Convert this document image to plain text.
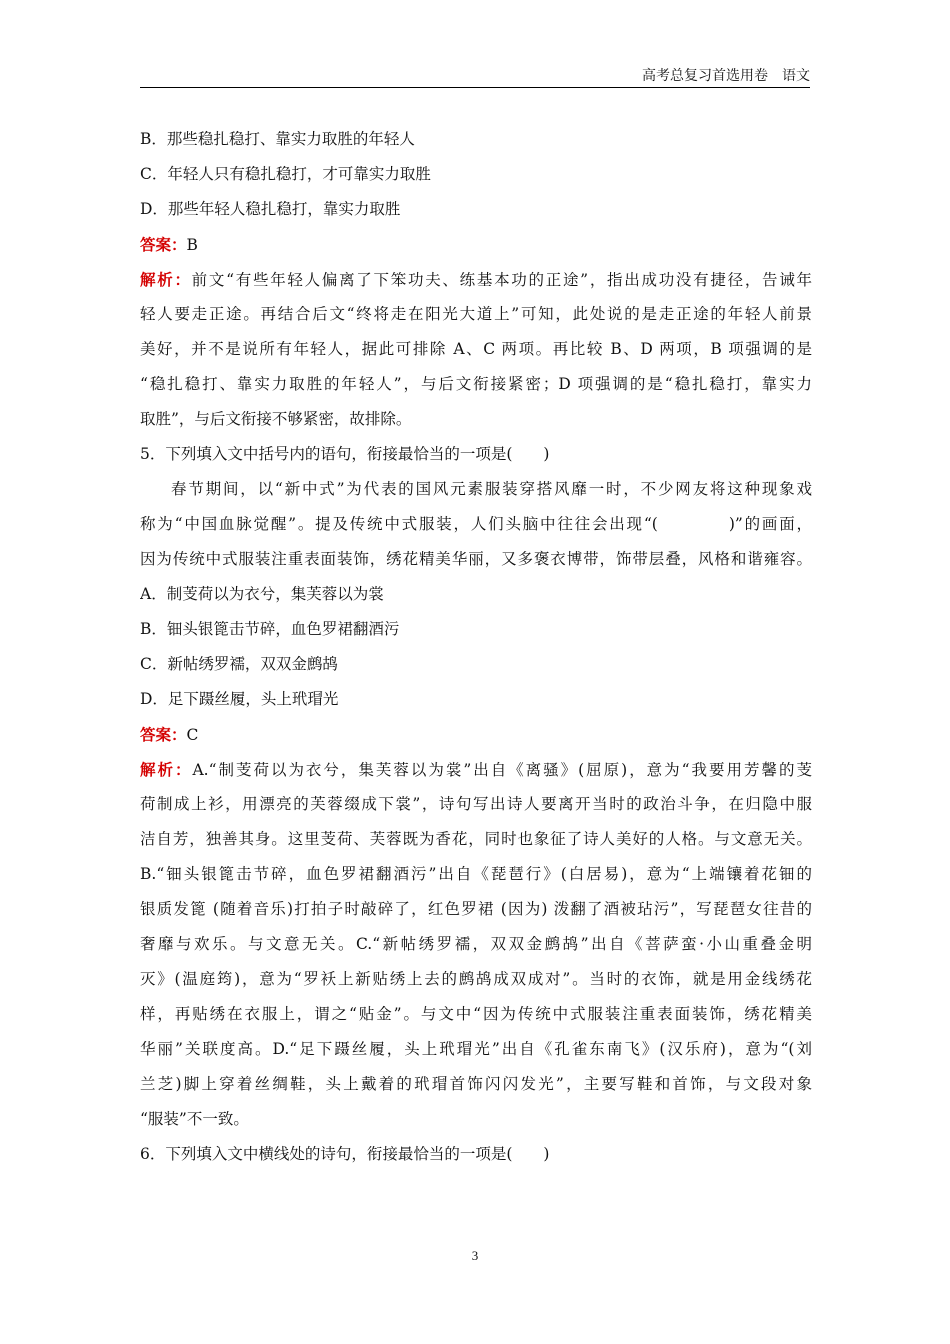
高考总复习首选用卷　语文
B．那些稳扎稳打、靠实力取胜的年轻人
C．年轻人只有稳扎稳打，才可靠实力取胜
D．那些年轻人稳扎稳打，靠实力取胜
答案：B
解析：前文“有些年轻人偏离了下笨功夫、练基本功的正途”，指出成功没有捷径，告诫年
轻人要走正途。再结合后文“终将走在阳光大道上”可知，此处说的是走正途的年轻人前景
美好，并不是说所有年轻人，据此可排除 A、C 两项。再比较 B、D 两项，B 项强调的是
“稳扎稳打、靠实力取胜的年轻人”，与后文衔接紧密；D 项强调的是“稳扎稳打，靠实力
取胜”，与后文衔接不够紧密，故排除。
5．下列填入文中括号内的语句，衔接最恰当的一项是(　　)
春节期间，以“新中式”为代表的国风元素服装穿搭风靡一时，不少网友将这种现象戏
称为“中国血脉觉醒”。提及传统中式服装，人们头脑中往往会出现“(　　　　)”的画面，
因为传统中式服装注重表面装饰，绣花精美华丽，又多褒衣博带，饰带层叠，风格和谐雍容。
A．制芰荷以为衣兮，集芙蓉以为裳
B．钿头银篦击节碎，血色罗裙翻酒污
C．新帖绣罗襦，双双金鹧鸪
D．足下蹑丝履，头上玳瑁光
答案：C
解析：A.“制芰荷以为衣兮，集芙蓉以为裳”出自《离骚》(屈原)，意为“我要用芳馨的芰
荷制成上衫，用漂亮的芙蓉缀成下裳”，诗句写出诗人要离开当时的政治斗争，在归隐中服
洁自芳，独善其身。这里芰荷、芙蓉既为香花，同时也象征了诗人美好的人格。与文意无关。
B.“钿头银篦击节碎，血色罗裙翻酒污”出自《琵琶行》(白居易)，意为“上端镶着花钿的
银质发篦 (随着音乐)打拍子时敲碎了，红色罗裙 (因为) 泼翻了酒被玷污”，写琵琶女往昔的
奢靡与欢乐。与文意无关。C.“新帖绣罗襦，双双金鹧鸪”出自《菩萨蛮·小山重叠金明
灭》(温庭筠)，意为“罗袄上新贴绣上去的鹧鸪成双成对”。当时的衣饰，就是用金线绣花
样，再贴绣在衣服上，谓之“贴金”。与文中“因为传统中式服装注重表面装饰，绣花精美
华丽”关联度高。D.“足下蹑丝履，头上玳瑁光”出自《孔雀东南飞》(汉乐府)，意为“(刘
兰芝)脚上穿着丝绸鞋，头上戴着的玳瑁首饰闪闪发光”，主要写鞋和首饰，与文段对象
“服装”不一致。
6．下列填入文中横线处的诗句，衔接最恰当的一项是(　　)
3
